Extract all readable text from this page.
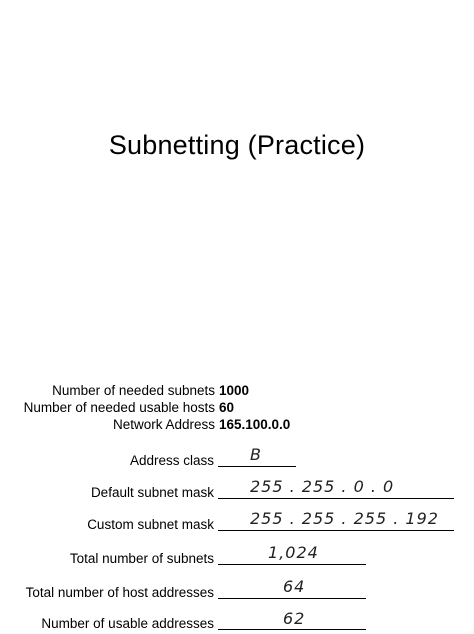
Subnetting (Practice)
Number of needed subnets 1000
Number of needed usable hosts 60
Network Address 165.100.0.0
Address class B
Default subnet mask 255 . 255 . 0 . 0
Custom subnet mask 255 . 255 . 255 . 192
Total number of subnets	1,024
Total number of host addresses	64
Number of usable addresses	62
